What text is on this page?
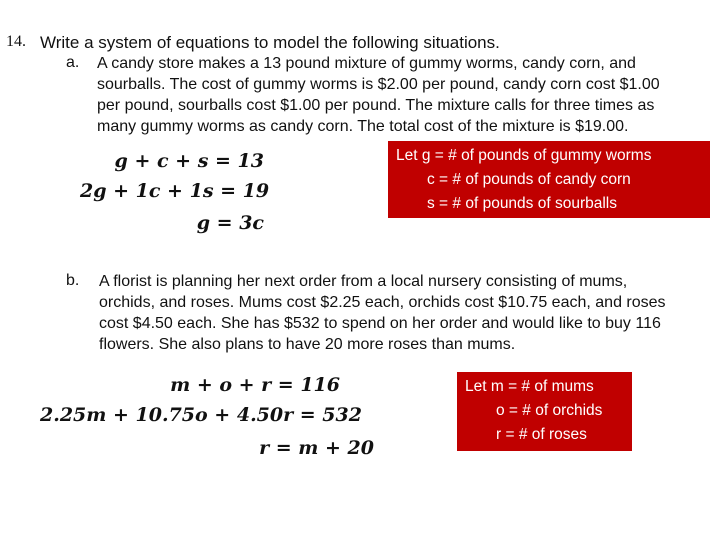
14. Write a system of equations to model the following situations.
a. A candy store makes a 13 pound mixture of gummy worms, candy corn, and
sourballs. The cost of gummy worms is $2.00 per pound, candy corn cost $1.00
per pound, sourballs cost $1.00 per pound. The mixture calls for three times as
many gummy worms as candy corn. The total cost of the mixture is $19.00.
g + c + s = 13
2g + 1c + 1s = 19
g = 3c
Let g = # of pounds of gummy worms
c = # of pounds of candy corn
s = # of pounds of sourballs
b. A florist is planning her next order from a local nursery consisting of mums,
orchids, and roses. Mums cost $2.25 each, orchids cost $10.75 each, and roses
cost $4.50 each. She has $532 to spend on her order and would like to buy 116
flowers. She also plans to have 20 more roses than mums.
m + o + r = 116
2.25m + 10.75o + 4.50r = 532
r = m + 20
Let m = # of mums
o = # of orchids
r = # of roses
